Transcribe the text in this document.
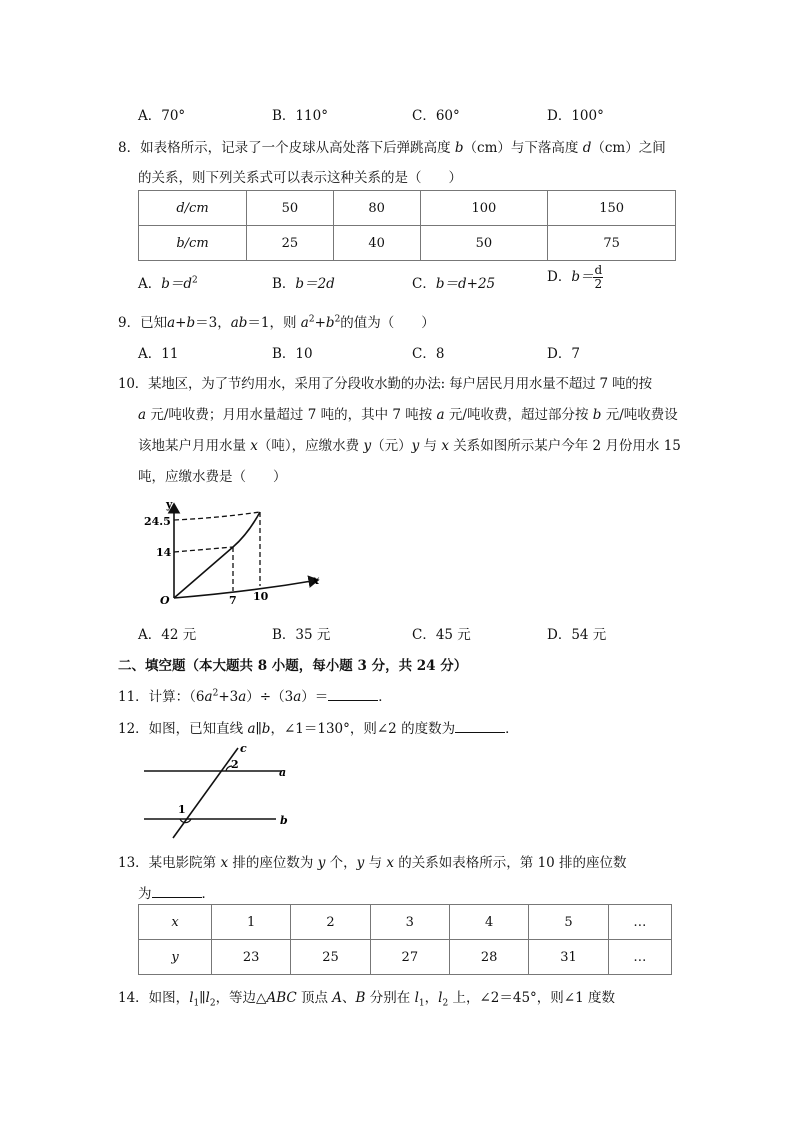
A．70°	B．110°	C．60°	D．100°
8．如表格所示，记录了一个皮球从高处落下后弹跳高度 b（cm）与下落高度 d（cm）之间
的关系，则下列关系式可以表示这种关系的是（　　）
d/cm	50	80	100	150
b/cm	25	40	50	75
A．$b=d^2$	B．b＝2d	C．b＝d+25	D．$b= \frac{d}{2}$
9．已知a+b＝3，ab＝1，则 $a^2+b^2$的值为（　　）
A．11	B．10	C．8	D．7
10．某地区，为了节约用水，采用了分段收水勤的办法: 每户居民月用水量不超过 7 吨的按
a 元/吨收费；月用水量超过 7 吨的，其中 7 吨按 a 元/吨收费，超过部分按 b 元/吨收费设
该地某户月用水量 x（吨），应缴水费 y（元）y 与 x 关系如图所示某户今年 2 月份用水 15
吨，应缴水费是（　　）
y
x
O
24.5
14
7 10
A．42 元	B．35 元	C．45 元	D．54 元
二、填空题（本大题共 8 小题，每小题 3 分，共 24 分）
11．计算：$(6a^2+3a)\div(3a)=$	．
12．如图，已知直线 a∥b，∠1＝130°，则∠2 的度数为	．
c
a
b
1
2
13．某电影院第 x 排的座位数为 y 个，y 与 x 的关系如表格所示，第 10 排的座位数
为	．
x	1	2	3	4	5	…
y	23	25	27	28	31	…
14．如图，$l_1\parallel l_2$，等边△ABC 顶点 A、B 分别在 $l_1$，$l_2$ 上，∠2＝45°，则∠1 度数
